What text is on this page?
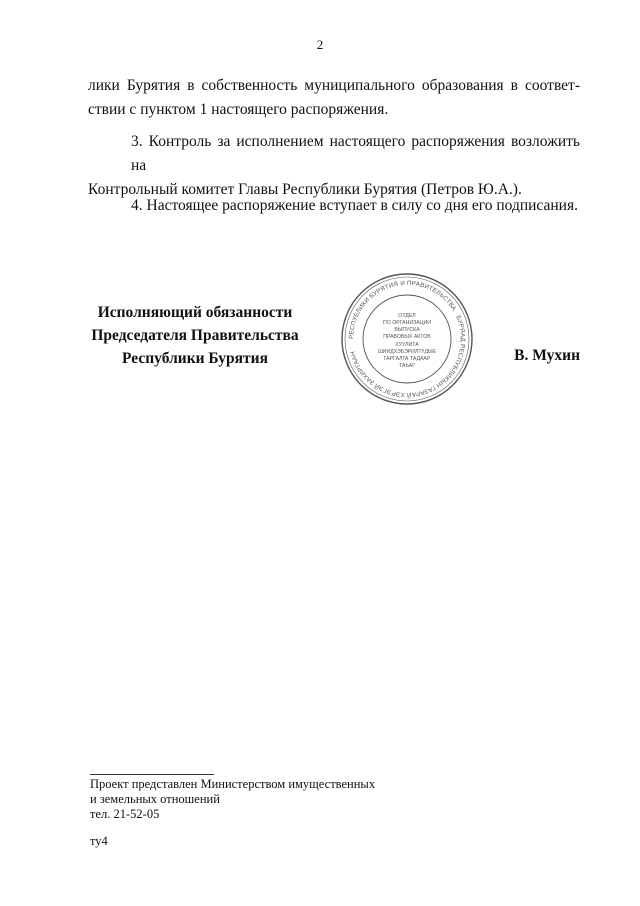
2
лики Бурятия в собственность муниципального образования в соответ-
ствии с пунктом 1 настоящего распоряжения.
3. Контроль за исполнением настоящего распоряжения возложить на
Контрольный комитет Главы Республики Бурятия (Петров Ю.А.).
4. Настоящее распоряжение вступает в силу со дня его подписания.
Исполняющий обязанности
Председателя Правительства
Республики Бурятия
РЕСПУБЛИКИ БУРЯТИЯ И ПРАВИТЕЛЬСТВА · БУРЯАД РЕСПУБЛИКЫН ГАЗАРАЙ ХЭРЭГЭЙ ЗАХИРГААН
ОТДЕЛ
ПО ОРГАНИЗАЦИИ
ВЫПУСКА
ПРАВОВЫХ АКТОВ
ХУУЛИТА
ШИИДХЭБЭРИЛТҮДЫЕ
ГАРГАЛГА ТАДААР
ТАЬАГ
В. Мухин
Проект представлен Министерством имущественных
и земельных отношений
тел. 21-52-05
ту4
